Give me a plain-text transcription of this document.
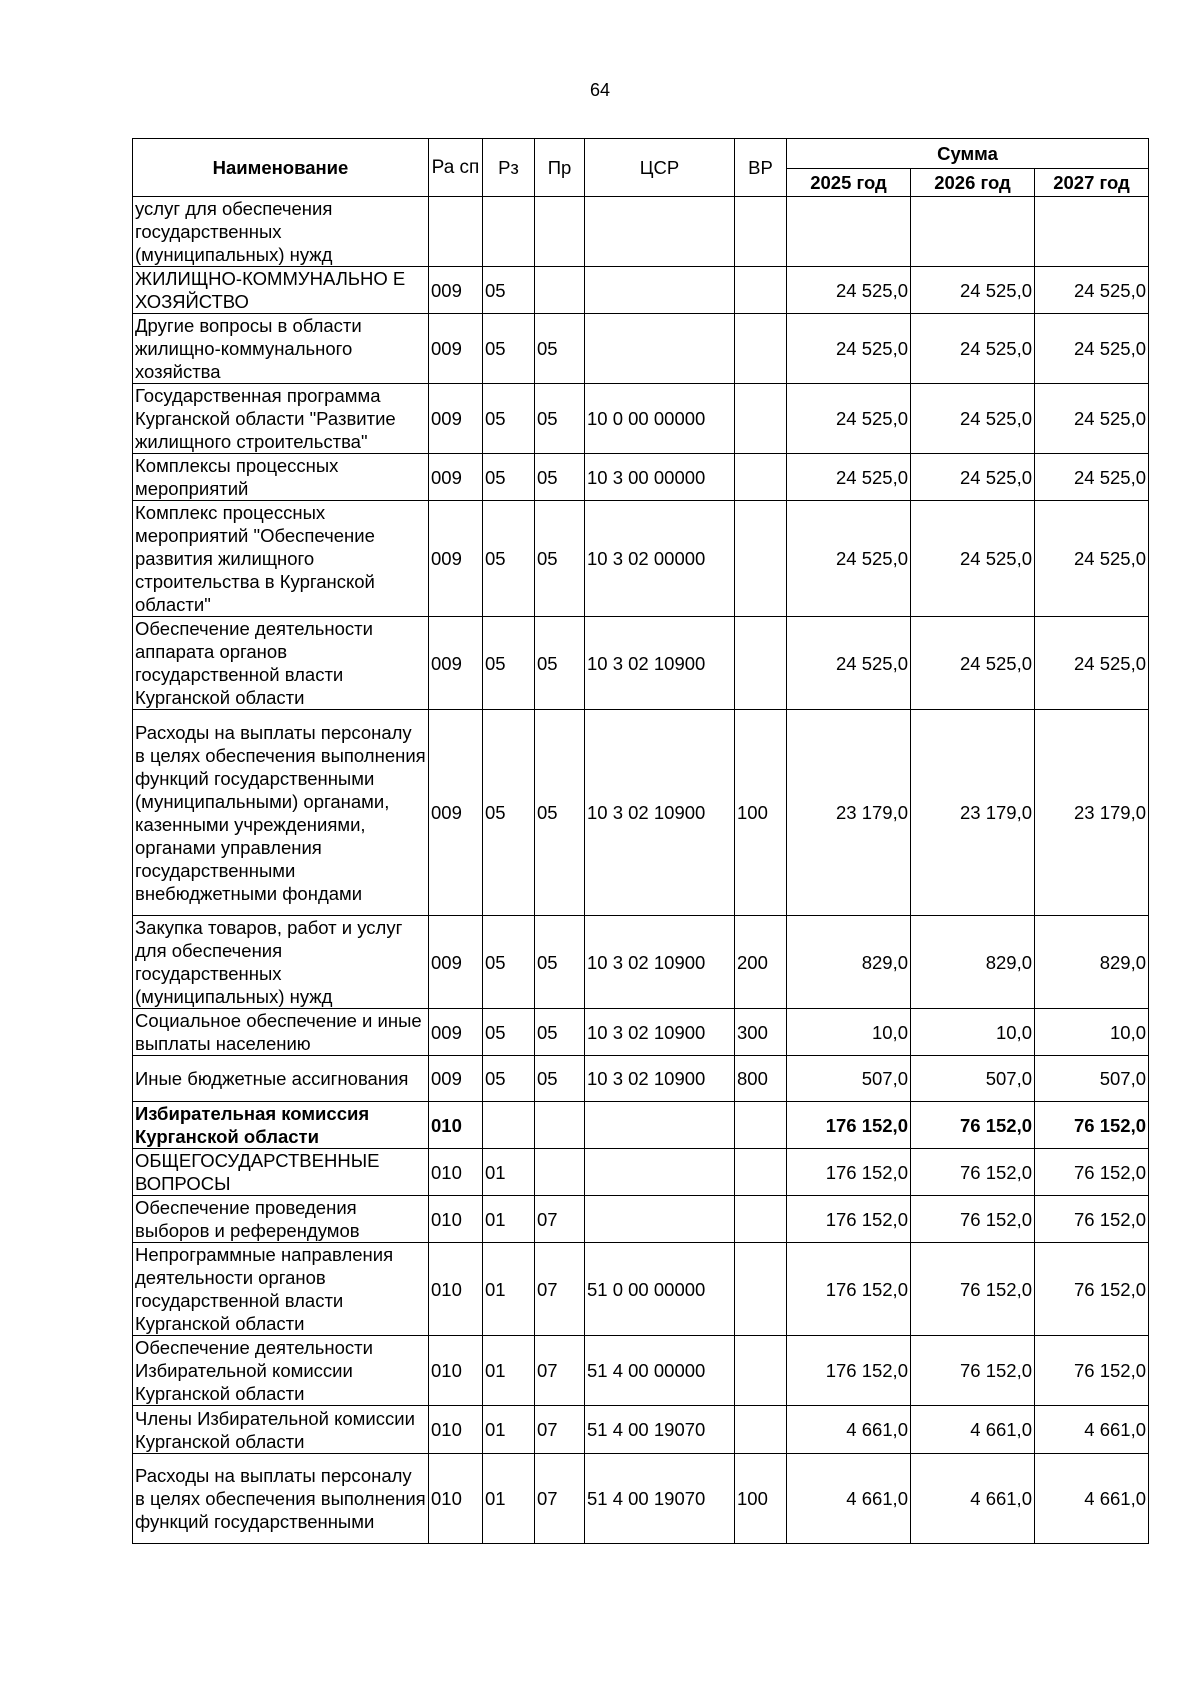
64
Наименование	Ра сп	Рз	Пр	ЦСР	ВР	Сумма		
						2025 год	2026 год	2027 год
услуг для обеспечения государственных (муниципальных) нужд								
ЖИЛИЩНО-КОММУНАЛЬНО Е ХОЗЯЙСТВО	009	05				24 525,0	24 525,0	24 525,0
Другие вопросы в области жилищно-коммунального хозяйства	009	05	05			24 525,0	24 525,0	24 525,0
Государственная программа Курганской области "Развитие жилищного строительства"	009	05	05	10 0 00 00000		24 525,0	24 525,0	24 525,0
Комплексы процессных мероприятий	009	05	05	10 3 00 00000		24 525,0	24 525,0	24 525,0
Комплекс процессных мероприятий "Обеспечение развития жилищного строительства в Курганской области"	009	05	05	10 3 02 00000		24 525,0	24 525,0	24 525,0
Обеспечение деятельности аппарата органов государственной власти Курганской области	009	05	05	10 3 02 10900		24 525,0	24 525,0	24 525,0
Расходы на выплаты персоналу в целях обеспечения выполнения функций государственными (муниципальными) органами, казенными учреждениями, органами управления государственными внебюджетными фондами	009	05	05	10 3 02 10900	100	23 179,0	23 179,0	23 179,0
Закупка товаров, работ и услуг для обеспечения государственных (муниципальных) нужд	009	05	05	10 3 02 10900	200	829,0	829,0	829,0
Социальное обеспечение и иные выплаты населению	009	05	05	10 3 02 10900	300	10,0	10,0	10,0
Иные бюджетные ассигнования	009	05	05	10 3 02 10900	800	507,0	507,0	507,0
Избирательная комиссия Курганской области	010					176 152,0	76 152,0	76 152,0
ОБЩЕГОСУДАРСТВЕННЫЕ ВОПРОСЫ	010	01				176 152,0	76 152,0	76 152,0
Обеспечение проведения выборов и референдумов	010	01	07			176 152,0	76 152,0	76 152,0
Непрограммные направления деятельности органов государственной власти Курганской области	010	01	07	51 0 00 00000		176 152,0	76 152,0	76 152,0
Обеспечение деятельности Избирательной комиссии Курганской области	010	01	07	51 4 00 00000		176 152,0	76 152,0	76 152,0
Члены Избирательной комиссии Курганской области	010	01	07	51 4 00 19070		4 661,0	4 661,0	4 661,0
Расходы на выплаты персоналу в целях обеспечения выполнения функций государственными	010	01	07	51 4 00 19070	100	4 661,0	4 661,0	4 661,0
